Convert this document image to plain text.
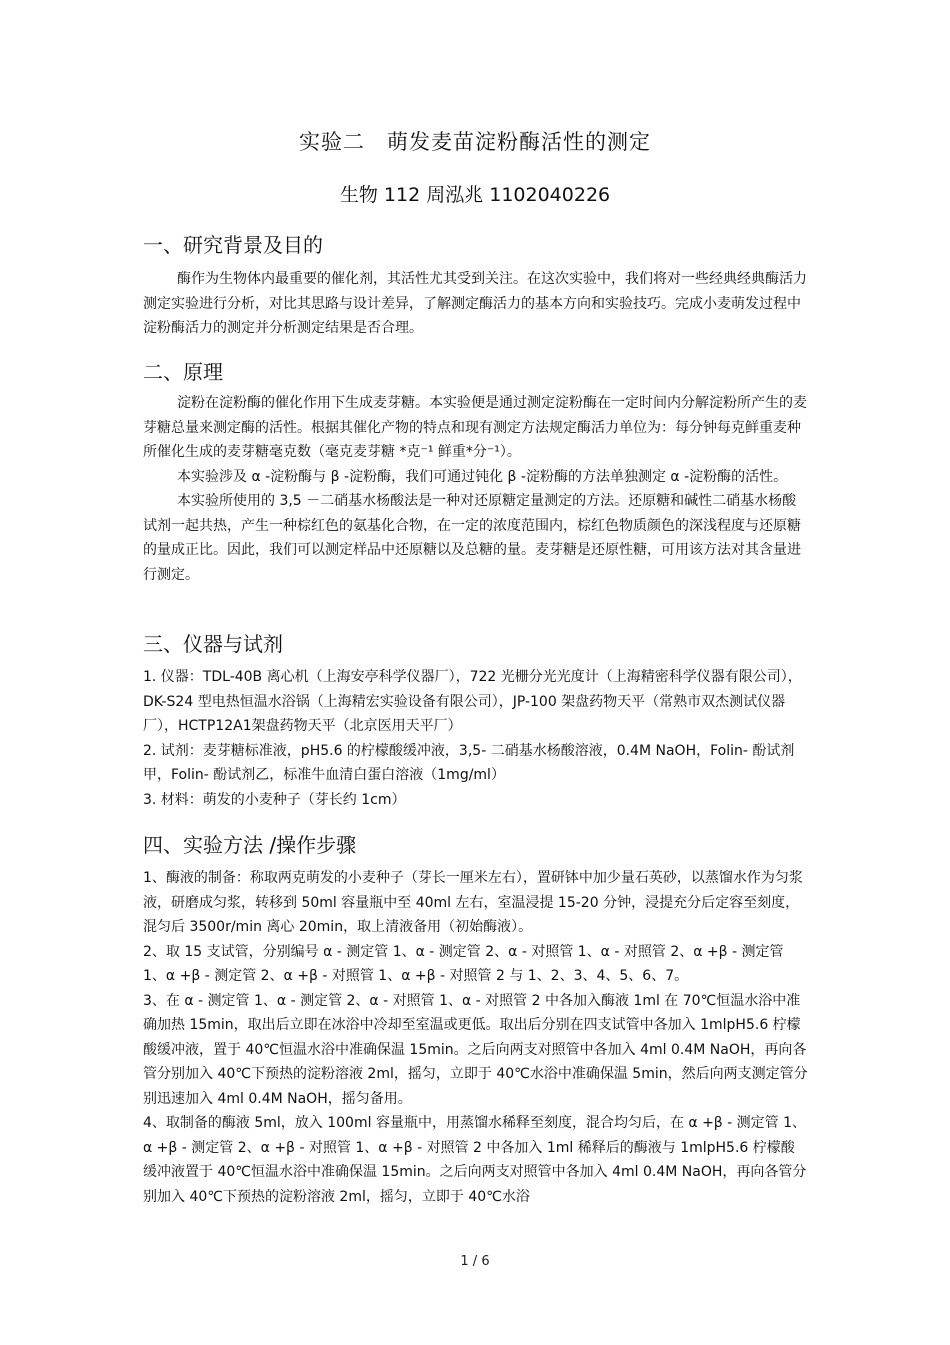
实验二　萌发麦苗淀粉酶活性的测定
生物 112 周泓兆 1102040226
一、研究背景及目的

酶作为生物体内最重要的催化剂，其活性尤其受到关注。在这次实验中，我们将对一些经典经典酶活力测定实验进行分析，对比其思路与设计差异，了解测定酶活力的基本方向和实验技巧。完成小麦萌发过程中淀粉酶活力的测定并分析测定结果是否合理。

二、原理

淀粉在淀粉酶的催化作用下生成麦芽糖。本实验便是通过测定淀粉酶在一定时间内分解淀粉所产生的麦芽糖总量来测定酶的活性。根据其催化产物的特点和现有测定方法规定酶活力单位为：每分钟每克鲜重麦种所催化生成的麦芽糖毫克数（毫克麦芽糖 *克⁻¹ 鲜重*分⁻¹）。

本实验涉及 α -淀粉酶与 β -淀粉酶，我们可通过钝化 β -淀粉酶的方法单独测定 α -淀粉酶的活性。

本实验所使用的 3,5 －二硝基水杨酸法是一种对还原糖定量测定的方法。还原糖和碱性二硝基水杨酸试剂一起共热，产生一种棕红色的氨基化合物，在一定的浓度范围内，棕红色物质颜色的深浅程度与还原糖的量成正比。因此，我们可以测定样品中还原糖以及总糖的量。麦芽糖是还原性糖，可用该方法对其含量进行测定。

三、仪器与试剂

1. 仪器：TDL-40B 离心机（上海安亭科学仪器厂），722 光栅分光光度计（上海精密科学仪器有限公司），DK-S24 型电热恒温水浴锅（上海精宏实验设备有限公司），JP-100 架盘药物天平（常熟市双杰测试仪器厂），HCTP12A1架盘药物天平（北京医用天平厂）

2. 试剂：麦芽糖标准液，pH5.6 的柠檬酸缓冲液，3,5- 二硝基水杨酸溶液，0.4M NaOH，Folin- 酚试剂甲，Folin- 酚试剂乙，标准牛血清白蛋白溶液（1mg/ml）

3. 材料：萌发的小麦种子（芽长约 1cm）

四、实验方法 /操作步骤

1、酶液的制备：称取两克萌发的小麦种子（芽长一厘米左右），置研钵中加少量石英砂，以蒸馏水作为匀浆液，研磨成匀浆，转移到 50ml 容量瓶中至 40ml 左右，室温浸提 15-20 分钟，浸提充分后定容至刻度，混匀后 3500r/min 离心 20min，取上清液备用（初始酶液）。

2、取 15 支试管，分别编号 α - 测定管 1、α - 测定管 2、α - 对照管 1、α - 对照管 2、α +β - 测定管 1、α +β - 测定管 2、α +β - 对照管 1、α +β - 对照管 2 与 1、2、3、4、5、6、7。

3、在 α - 测定管 1、α - 测定管 2、α - 对照管 1、α - 对照管 2 中各加入酶液 1ml 在 70℃恒温水浴中准确加热 15min，取出后立即在冰浴中冷却至室温或更低。取出后分别在四支试管中各加入 1mlpH5.6 柠檬酸缓冲液，置于 40℃恒温水浴中准确保温 15min。之后向两支对照管中各加入 4ml 0.4M NaOH，再向各管分别加入 40℃下预热的淀粉溶液 2ml，摇匀，立即于 40℃水浴中准确保温 5min，然后向两支测定管分别迅速加入 4ml 0.4M NaOH，摇匀备用。

4、取制备的酶液 5ml，放入 100ml 容量瓶中，用蒸馏水稀释至刻度，混合均匀后，在 α +β - 测定管 1、α +β - 测定管 2、α +β - 对照管 1、α +β - 对照管 2 中各加入 1ml 稀释后的酶液与 1mlpH5.6 柠檬酸缓冲液置于 40℃恒温水浴中准确保温 15min。之后向两支对照管中各加入 4ml 0.4M NaOH，再向各管分别加入 40℃下预热的淀粉溶液 2ml，摇匀，立即于 40℃水浴

1 / 6
